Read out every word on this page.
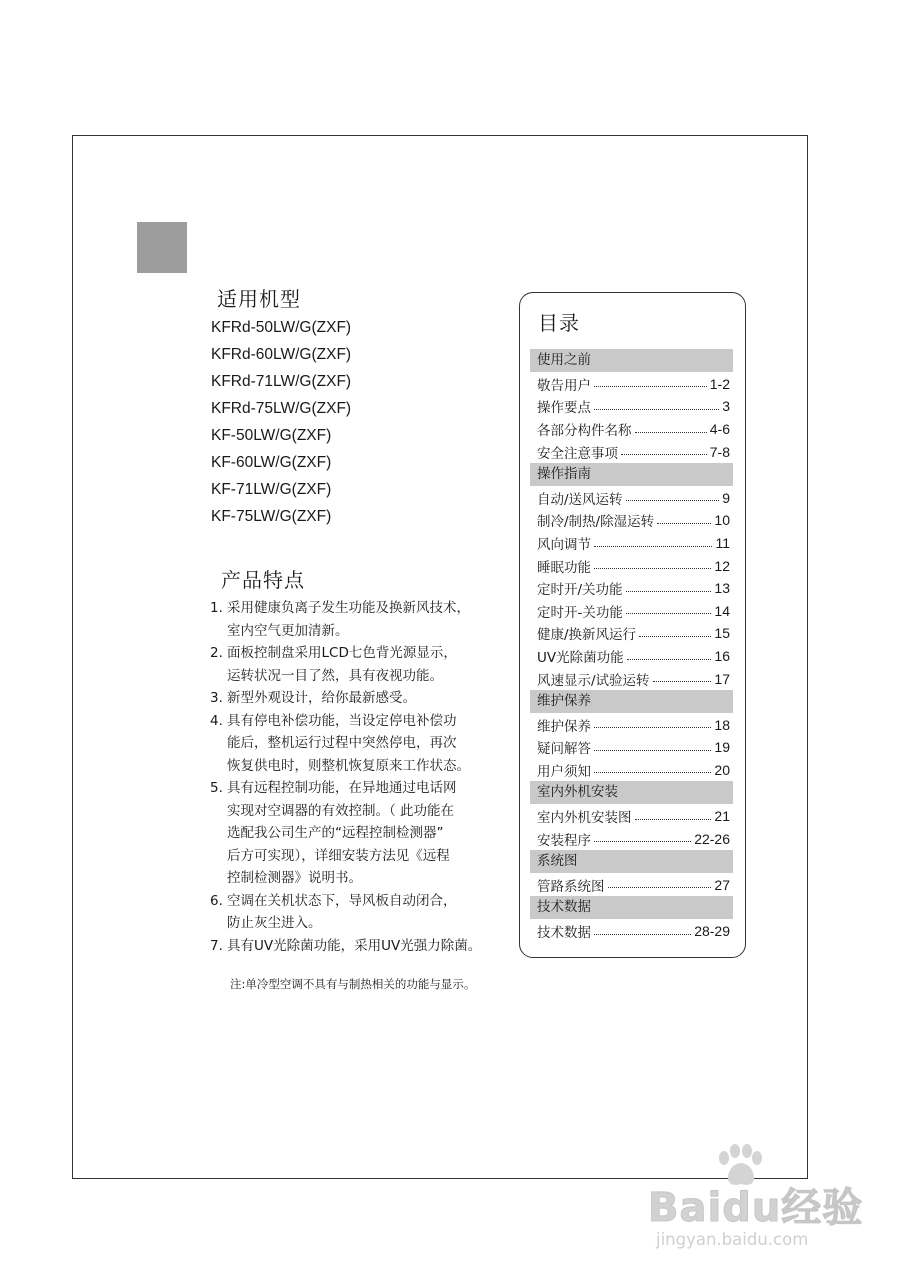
适用机型
KFRd-50LW/G(ZXF)
KFRd-60LW/G(ZXF)
KFRd-71LW/G(ZXF)
KFRd-75LW/G(ZXF)
KF-50LW/G(ZXF)
KF-60LW/G(ZXF)
KF-71LW/G(ZXF)
KF-75LW/G(ZXF)
产品特点
1. 采用健康负离子发生功能及换新风技术，
室内空气更加清新。
2. 面板控制盘采用LCD七色背光源显示，
运转状况一目了然，具有夜视功能。
3. 新型外观设计，给你最新感受。
4. 具有停电补偿功能，当设定停电补偿功
能后，整机运行过程中突然停电，再次
恢复供电时，则整机恢复原来工作状态。
5. 具有远程控制功能，在异地通过电话网
实现对空调器的有效控制。（ 此功能在
选配我公司生产的“远程控制检测器”
后方可实现），详细安装方法见《远程
控制检测器》说明书。
6. 空调在关机状态下，导风板自动闭合，
防止灰尘进入。
7. 具有UV光除菌功能，采用UV光强力除菌。
注:单冷型空调不具有与制热相关的功能与显示。
目录
使用之前
敬告用户	1-2
操作要点	3
各部分构件名称	4-6
安全注意事项	7-8
操作指南
自动/送风运转	9
制冷/制热/除湿运转	10
风向调节	11
睡眠功能	12
定时开/关功能	13
定时开-关功能	14
健康/换新风运行	15
UV光除菌功能	16
风速显示/试验运转	17
维护保养
维护保养	18
疑问解答	19
用户须知	20
室内外机安装
室内外机安装图	21
安装程序	22-26
系统图
管路系统图	27
技术数据
技术数据	28-29
Baidu经验
jingyan.baidu.com
